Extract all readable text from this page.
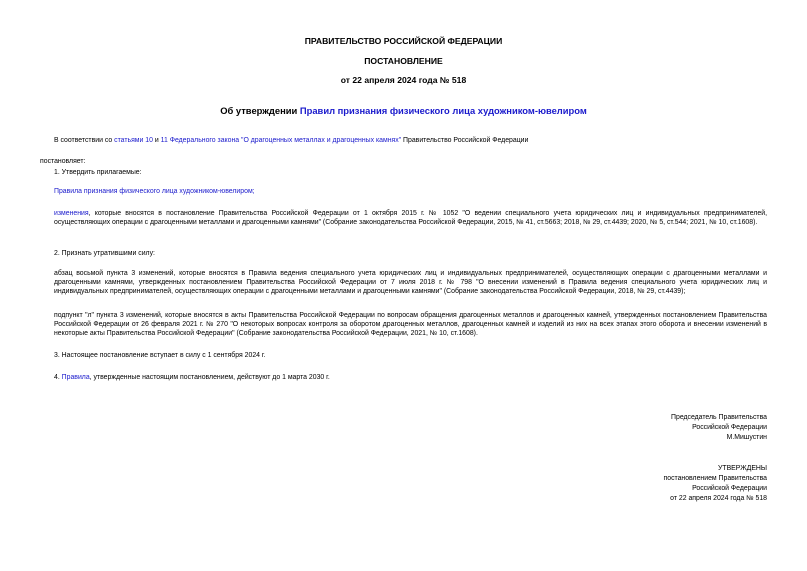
ПРАВИТЕЛЬСТВО РОССИЙСКОЙ ФЕДЕРАЦИИ
ПОСТАНОВЛЕНИЕ
от 22 апреля 2024 года № 518
Об утверждении Правил признания физического лица художником-ювелиром
В соответствии со статьями 10 и 11 Федерального закона "О драгоценных металлах и драгоценных камнях" Правительство Российской Федерации
постановляет:
1. Утвердить прилагаемые:
Правила признания физического лица художником-ювелиром;
изменения, которые вносятся в постановление Правительства Российской Федерации от 1 октября 2015 г. № 1052 "О ведении специального учета юридических лиц и индивидуальных предпринимателей, осуществляющих операции с драгоценными металлами и драгоценными камнями" (Собрание законодательства Российской Федерации, 2015, № 41, ст.5663; 2018, № 29, ст.4439; 2020, № 5, ст.544; 2021, № 10, ст.1608).
2. Признать утратившими силу:
абзац восьмой пункта 3 изменений, которые вносятся в Правила ведения специального учета юридических лиц и индивидуальных предпринимателей, осуществляющих операции с драгоценными металлами и драгоценными камнями, утвержденных постановлением Правительства Российской Федерации от 7 июля 2018 г. № 798 "О внесении изменений в Правила ведения специального учета юридических лиц и индивидуальных предпринимателей, осуществляющих операции с драгоценными металлами и драгоценными камнями" (Собрание законодательства Российской Федерации, 2018, № 29, ст.4439);
подпункт "л" пункта 3 изменений, которые вносятся в акты Правительства Российской Федерации по вопросам обращения драгоценных металлов и драгоценных камней, утвержденных постановлением Правительства Российской Федерации от 26 февраля 2021 г. № 270 "О некоторых вопросах контроля за оборотом драгоценных металлов, драгоценных камней и изделий из них на всех этапах этого оборота и внесении изменений в некоторые акты Правительства Российской Федерации" (Собрание законодательства Российской Федерации, 2021, № 10, ст.1608).
3. Настоящее постановление вступает в силу с 1 сентября 2024 г.
4. Правила, утвержденные настоящим постановлением, действуют до 1 марта 2030 г.
Председатель Правительства
Российской Федерации
М.Мишустин
УТВЕРЖДЕНЫ
постановлением Правительства
Российской Федерации
от 22 апреля 2024 года № 518
